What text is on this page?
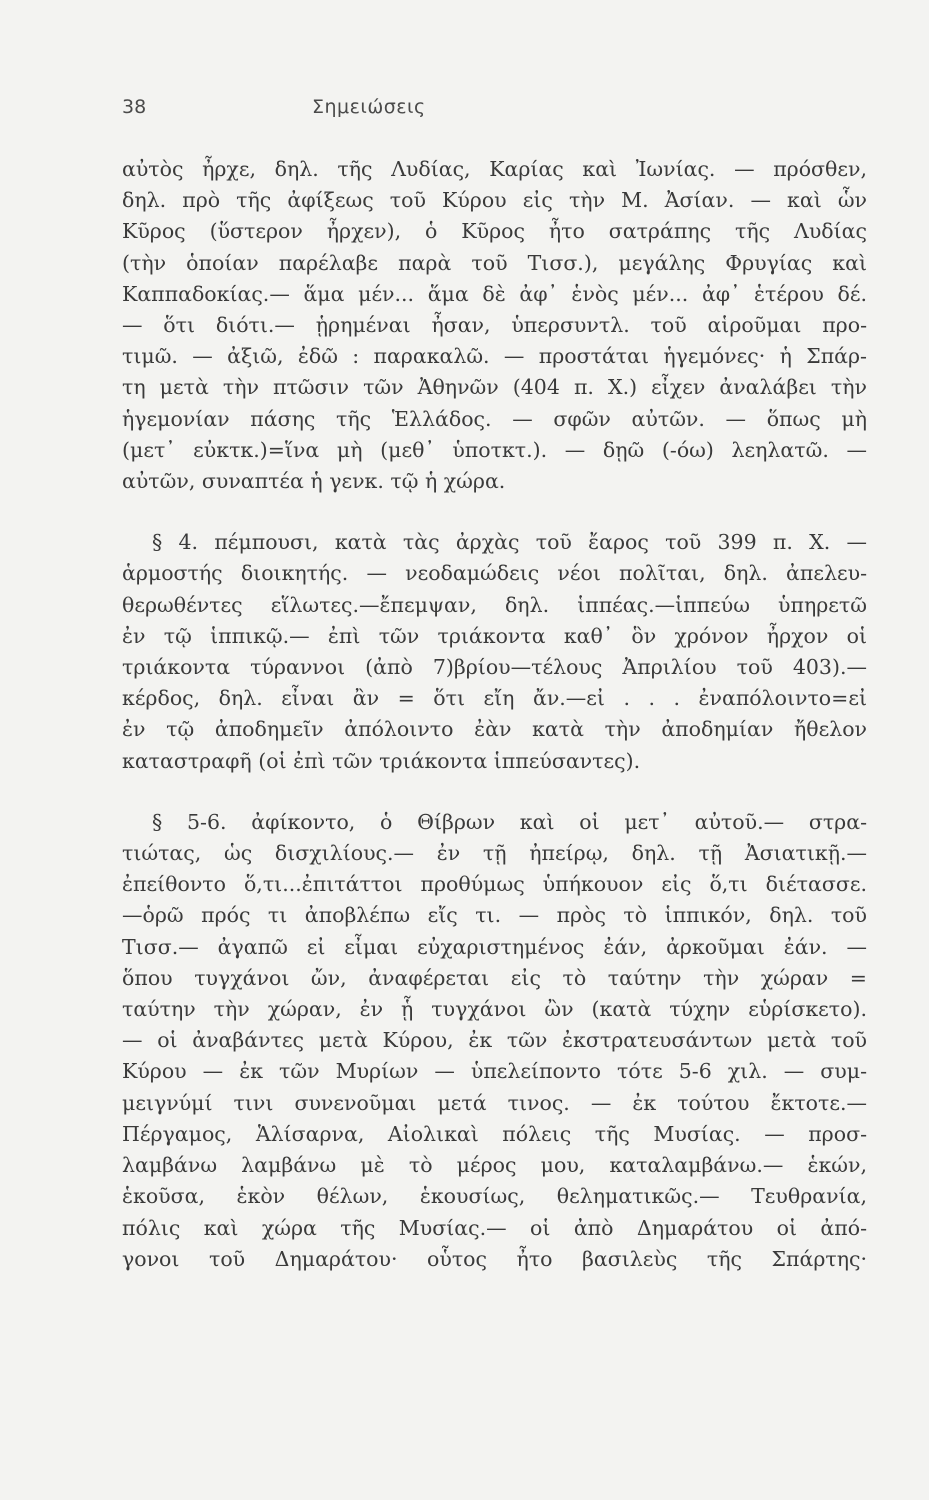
38	Σημειώσεις
αὐτὸς ἦρχε, δηλ. τῆς Λυδίας, Καρίας καὶ Ἰωνίας. — πρόσθεν,
δηλ. πρὸ τῆς ἀφίξεως τοῦ Κύρου εἰς τὴν Μ. Ἀσίαν. — καὶ ὧν
Κῦρος (ὕστερον ἦρχεν), ὁ Κῦρος ἦτο σατράπης τῆς Λυδίας
(τὴν ὁποίαν παρέλαβε παρὰ τοῦ Τισσ.), μεγάλης Φρυγίας καὶ
Καππαδοκίας.— ἅμα μέν... ἅμα δὲ ἀφ᾽ ἑνὸς μέν... ἀφ᾽ ἑτέρου δέ.
— ὅτι διότι.— ᾑρημέναι ἦσαν, ὑπερσυντλ. τοῦ αἱροῦμαι προ-
τιμῶ. — ἀξιῶ, ἐδῶ : παρακαλῶ. — προστάται ἡγεμόνες· ἡ Σπάρ-
τη μετὰ τὴν πτῶσιν τῶν Ἀθηνῶν (404 π. Χ.) εἶχεν ἀναλάβει τὴν
ἡγεμονίαν πάσης τῆς Ἑλλάδος. — σφῶν αὐτῶν. — ὅπως μὴ
(μετ᾽ εὐκτκ.)=ἵνα μὴ (μεθ᾽ ὑποτκτ.). — δῃῶ (-όω) λεηλατῶ. —
αὐτῶν, συναπτέα ἡ γενκ. τῷ ἡ χώρα.
§ 4. πέμπουσι, κατὰ τὰς ἀρχὰς τοῦ ἔαρος τοῦ 399 π. Χ. —
ἁρμοστής διοικητής. — νεοδαμώδεις νέοι πολῖται, δηλ. ἀπελευ-
θερωθέντες εἵλωτες.—ἔπεμψαν, δηλ. ἱππέας.—ἱππεύω ὑπηρετῶ
ἐν τῷ ἱππικῷ.— ἐπὶ τῶν τριάκοντα καθ᾽ ὃν χρόνον ἦρχον οἱ
τριάκοντα τύραννοι (ἀπὸ 7)βρίου—τέλους Ἀπριλίου τοῦ 403).—
κέρδος, δηλ. εἶναι ἂν = ὅτι εἴη ἄν.—εἰ . . . ἐναπόλοιντο=εἰ
ἐν τῷ ἀποδημεῖν ἀπόλοιντο ἐὰν κατὰ τὴν ἀποδημίαν ἤθελον
καταστραφῆ (οἱ ἐπὶ τῶν τριάκοντα ἱππεύσαντες).
§ 5-6. ἀφίκοντο, ὁ Θίβρων καὶ οἱ μετ᾽ αὐτοῦ.— στρα-
τιώτας, ὡς δισχιλίους.— ἐν τῇ ἠπείρῳ, δηλ. τῇ Ἀσιατικῇ.—
ἐπείθοντο ὅ,τι...ἐπιτάττοι προθύμως ὑπήκουον εἰς ὅ,τι διέτασσε.
—ὁρῶ πρός τι ἀποβλέπω εἴς τι. — πρὸς τὸ ἱππικόν, δηλ. τοῦ
Τισσ.— ἀγαπῶ εἰ εἶμαι εὐχαριστημένος ἐάν, ἀρκοῦμαι ἐάν. —
ὅπου τυγχάνοι ὤν, ἀναφέρεται εἰς τὸ ταύτην τὴν χώραν =
ταύτην τὴν χώραν, ἐν ᾗ τυγχάνοι ὢν (κατὰ τύχην εὑρίσκετο).
— οἱ ἀναβάντες μετὰ Κύρου, ἐκ τῶν ἐκστρατευσάντων μετὰ τοῦ
Κύρου — ἐκ τῶν Μυρίων — ὑπελείποντο τότε 5-6 χιλ. — συμ-
μειγνύμί τινι συνενοῦμαι μετά τινος. — ἐκ τούτου ἔκτοτε.—
Πέργαμος, Ἁλίσαρνα, Αἰολικαὶ πόλεις τῆς Μυσίας. — προσ-
λαμβάνω λαμβάνω μὲ τὸ μέρος μου, καταλαμβάνω.— ἑκών,
ἑκοῦσα, ἑκὸν θέλων, ἑκουσίως, θεληματικῶς.— Τευθρανία,
πόλις καὶ χώρα τῆς Μυσίας.— οἱ ἀπὸ Δημαράτου οἱ ἀπό-
γονοι τοῦ Δημαράτου· οὗτος ἦτο βασιλεὺς τῆς Σπάρτης·
